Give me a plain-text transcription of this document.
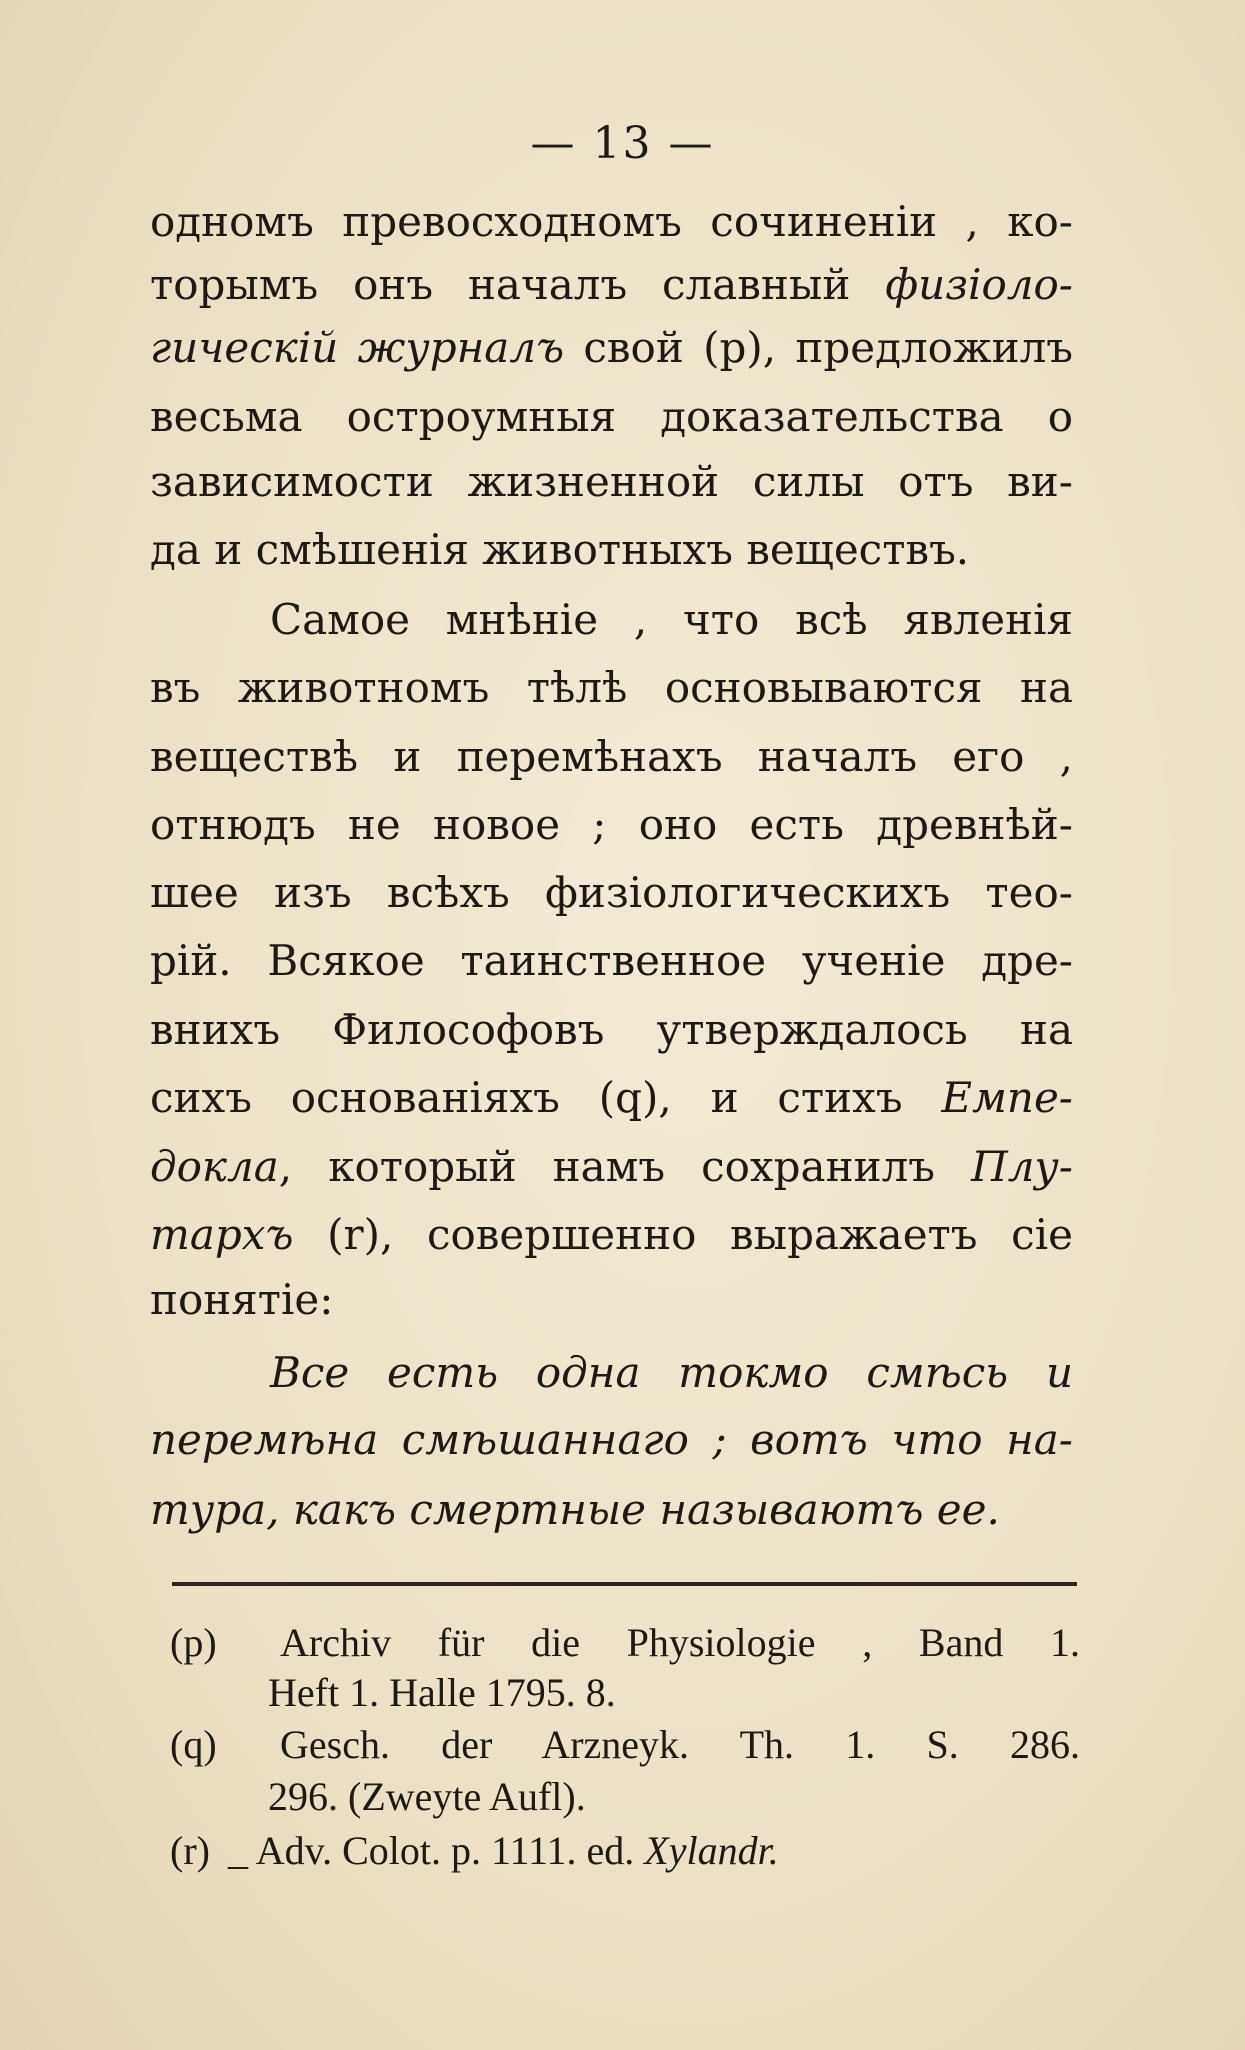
— 13 —
одномъ превосходномъ сочиненіи , ко-
торымъ онъ началъ славный физіоло-
гическій журналъ свой (p), предложилъ
весьма остроумныя доказательства о
зависимости жизненной силы отъ ви-
да и смѣшенія животныхъ веществъ.
Самое мнѣніе , что всѣ явленія
въ животномъ тѣлѣ основываются на
веществѣ и перемѣнахъ началъ его ,
отнюдъ не новое ; оно есть древнѣй-
шее изъ всѣхъ физіологическихъ тео-
рій. Всякое таинственное ученіе дре-
внихъ Философовъ утверждалось на
сихъ основаніяхъ (q), и стихъ Емпе-
докла, который намъ сохранилъ Плу-
тархъ (r), совершенно выражаетъ сіе
понятіе:
Все есть одна токмо смѣсь и
перемѣна смѣшаннаго ; вотъ что на-
тура, какъ смертные называютъ ее.
(p) Archiv für die Physiologie , Band 1.
Heft 1. Halle 1795. 8.
(q) Gesch. der Arzneyk. Th. 1. S. 286.
296. (Zweyte Aufl).
(r) _ Adv. Colot. p. 1111. ed. Xylandr.
